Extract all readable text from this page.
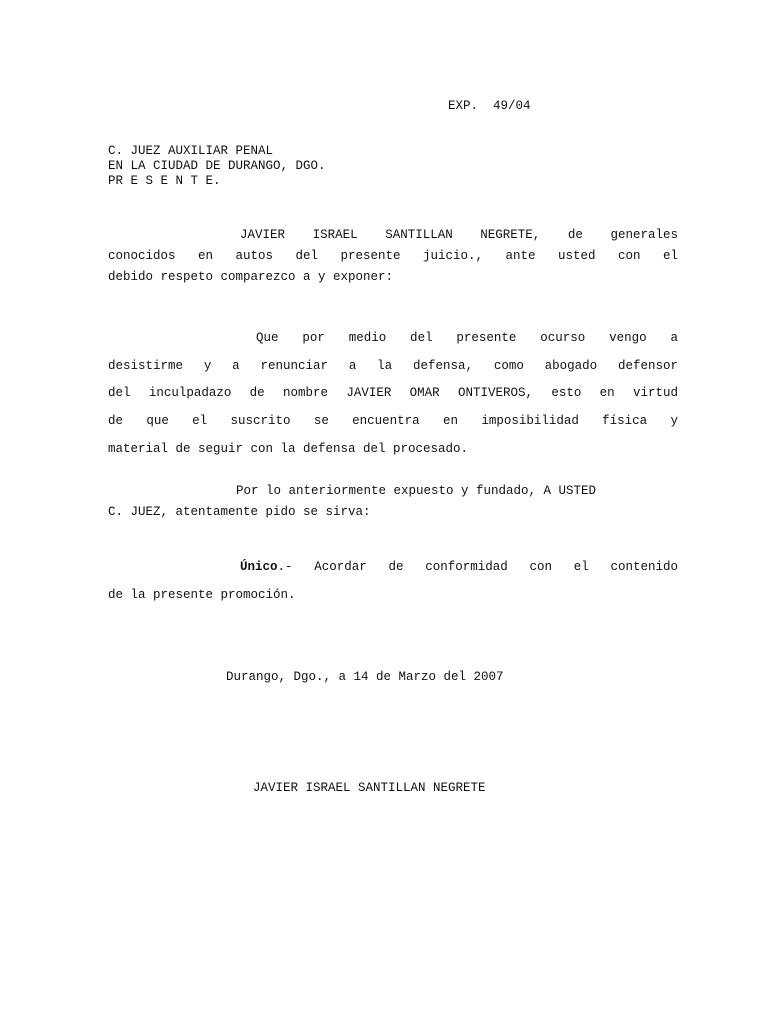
EXP.  49/04
C. JUEZ AUXILIAR PENAL
EN LA CIUDAD DE DURANGO, DGO.
PR E S E N T E.
JAVIER ISRAEL SANTILLAN NEGRETE, de generales
conocidos en autos del presente juicio., ante usted con el
debido respeto comparezco a y exponer:
Que por medio del presente ocurso vengo a
desistirme y a renunciar a la defensa, como abogado defensor
del inculpadazo de nombre JAVIER OMAR ONTIVEROS, esto en virtud
de que el suscrito se encuentra en imposibilidad física y
material de seguir con la defensa del procesado.
Por lo anteriormente expuesto y fundado, A USTED
C. JUEZ, atentamente pido se sirva:
Único.- Acordar de conformidad con el contenido
de la presente promoción.
Durango, Dgo., a 14 de Marzo del 2007
JAVIER ISRAEL SANTILLAN NEGRETE
